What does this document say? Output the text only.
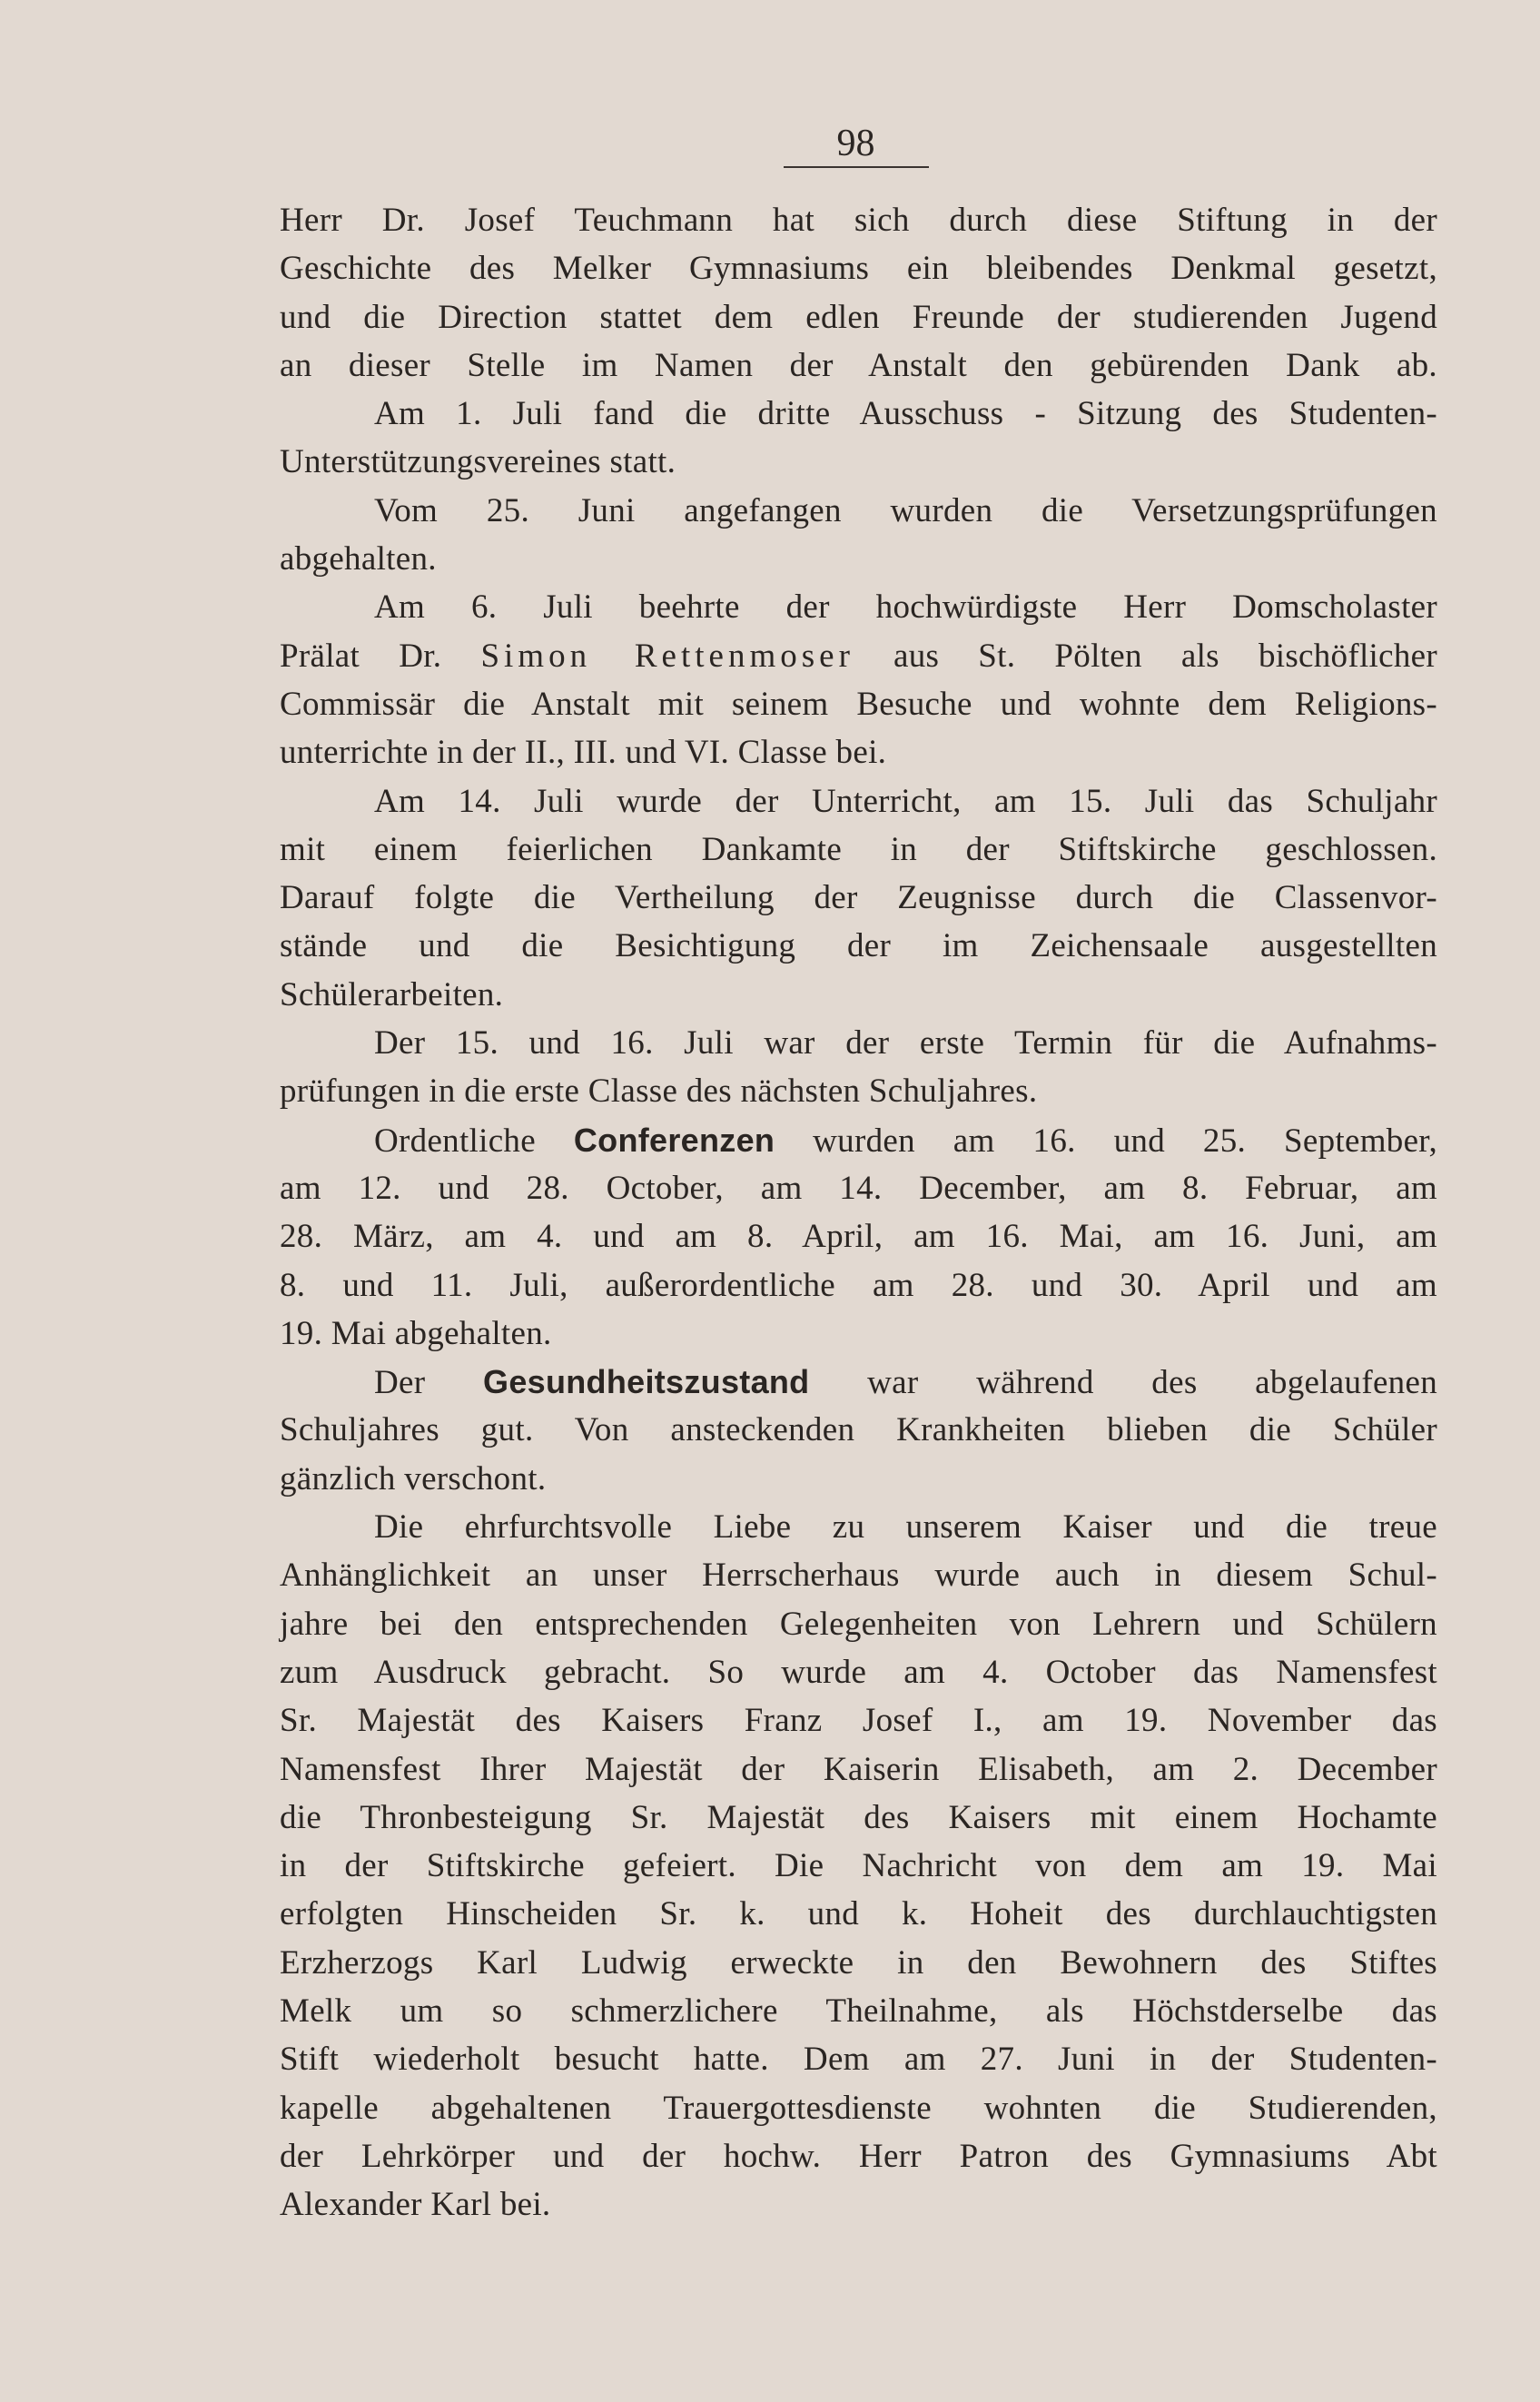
98
Herr Dr. Josef Teuchmann hat sich durch diese Stiftung in der
Geschichte des Melker Gymnasiums ein bleibendes Denkmal gesetzt,
und die Direction stattet dem edlen Freunde der studierenden Jugend
an dieser Stelle im Namen der Anstalt den gebürenden Dank ab.
Am 1. Juli fand die dritte Ausschuss - Sitzung des Studenten-
Unterstützungsvereines statt.
Vom 25. Juni angefangen wurden die Versetzungsprüfungen
abgehalten.
Am 6. Juli beehrte der hochwürdigste Herr Domscholaster
Prälat Dr. Simon Rettenmoser aus St. Pölten als bischöflicher
Commissär die Anstalt mit seinem Besuche und wohnte dem Religions-
unterrichte in der II., III. und VI. Classe bei.
Am 14. Juli wurde der Unterricht, am 15. Juli das Schuljahr
mit einem feierlichen Dankamte in der Stiftskirche geschlossen.
Darauf folgte die Vertheilung der Zeugnisse durch die Classenvor-
stände und die Besichtigung der im Zeichensaale ausgestellten
Schülerarbeiten.
Der 15. und 16. Juli war der erste Termin für die Aufnahms-
prüfungen in die erste Classe des nächsten Schuljahres.
Ordentliche Conferenzen wurden am 16. und 25. September,
am 12. und 28. October, am 14. December, am 8. Februar, am
28. März, am 4. und am 8. April, am 16. Mai, am 16. Juni, am
8. und 11. Juli, außerordentliche am 28. und 30. April und am
19. Mai abgehalten.
Der Gesundheitszustand war während des abgelaufenen
Schuljahres gut. Von ansteckenden Krankheiten blieben die Schüler
gänzlich verschont.
Die ehrfurchtsvolle Liebe zu unserem Kaiser und die treue
Anhänglichkeit an unser Herrscherhaus wurde auch in diesem Schul-
jahre bei den entsprechenden Gelegenheiten von Lehrern und Schülern
zum Ausdruck gebracht. So wurde am 4. October das Namensfest
Sr. Majestät des Kaisers Franz Josef I., am 19. November das
Namensfest Ihrer Majestät der Kaiserin Elisabeth, am 2. December
die Thronbesteigung Sr. Majestät des Kaisers mit einem Hochamte
in der Stiftskirche gefeiert. Die Nachricht von dem am 19. Mai
erfolgten Hinscheiden Sr. k. und k. Hoheit des durchlauchtigsten
Erzherzogs Karl Ludwig erweckte in den Bewohnern des Stiftes
Melk um so schmerzlichere Theilnahme, als Höchstderselbe das
Stift wiederholt besucht hatte. Dem am 27. Juni in der Studenten-
kapelle abgehaltenen Trauergottesdienste wohnten die Studierenden,
der Lehrkörper und der hochw. Herr Patron des Gymnasiums Abt
Alexander Karl bei.
